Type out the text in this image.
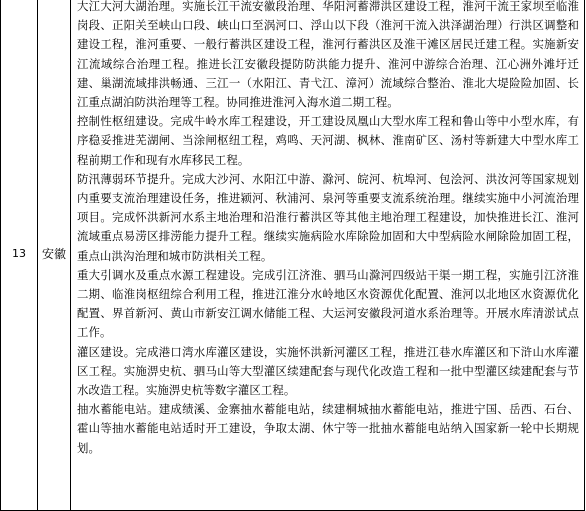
13	安徽	

大江大河大湖治理。实施长江干流安徽段治理、华阳河蓄滞洪区建设工程，淮河干流王家坝至临淮岗段、正阳关至峡山口段、峡山口至涡河口、浮山以下段（淮河干流入洪泽湖治理）行洪区调整和建设工程，淮河重要、一般行蓄洪区建设工程，淮河行蓄洪区及淮干滩区居民迁建工程。实施新安江流域综合治理工程。推进长江安徽段提防防洪能力提升、淮河中游综合治理、江心洲外滩圩迁建、巢湖流域排洪畅通、三江一（水阳江、青弋江、漳河）流域综合整治、淮北大堤险险加固、长江重点湖泊防洪治理等工程。协同推进淮河入海水道二期工程。

控制性枢纽建设。完成牛岭水库工程建设，开工建设凤凰山大型水库工程和鲁山等中小型水库，有序稳妥推进芜湖闸、当涂闸枢纽工程，鸡鸣、天河湖、枫林、淮南矿区、汤村等新建大中型水库工程前期工作和现有水库移民工程。

防汛薄弱环节提升。完成大沙河、水阳江中游、滁河、皖河、杭埠河、包浍河、洪汝河等国家规划内重要支流治理建设任务，推进颍河、秋浦河、泉河等重要支流系统治理。继续实施中小河流治理项目。完成怀洪新河水系主地治理和沿淮行蓄洪区等其他主地治理工程建设，加快推进长江、淮河流域重点易涝区排涝能力提升工程。继续实施病险水库除险加固和大中型病险水闸除险加固工程，重点山洪沟治理和城市防洪相关工程。

重大引调水及重点水源工程建设。完成引江济淮、驷马山滁河四级站干渠一期工程，实施引江济淮二期、临淮岗枢纽综合利用工程，推进江淮分水岭地区水资源优化配置、淮河以北地区水资源优化配置、界首新河、黄山市新安江调水储能工程、大运河安徽段河道水系治理等。开展水库清淤试点工作。

灌区建设。完成港口湾水库灌区建设，实施怀洪新河灌区工程，推进江巷水库灌区和下浒山水库灌区工程。实施淠史杭、驷马山等大型灌区续建配套与现代化改造工程和一批中型灌区续建配套与节水改造工程。实施淠史杭等数字灌区工程。

抽水蓄能电站。建成绩溪、金寨抽水蓄能电站，续建桐城抽水蓄能电站，推进宁国、岳西、石台、霍山等抽水蓄能电站适时开工建设，争取太湖、休宁等一批抽水蓄能电站纳入国家新一轮中长期规划。
